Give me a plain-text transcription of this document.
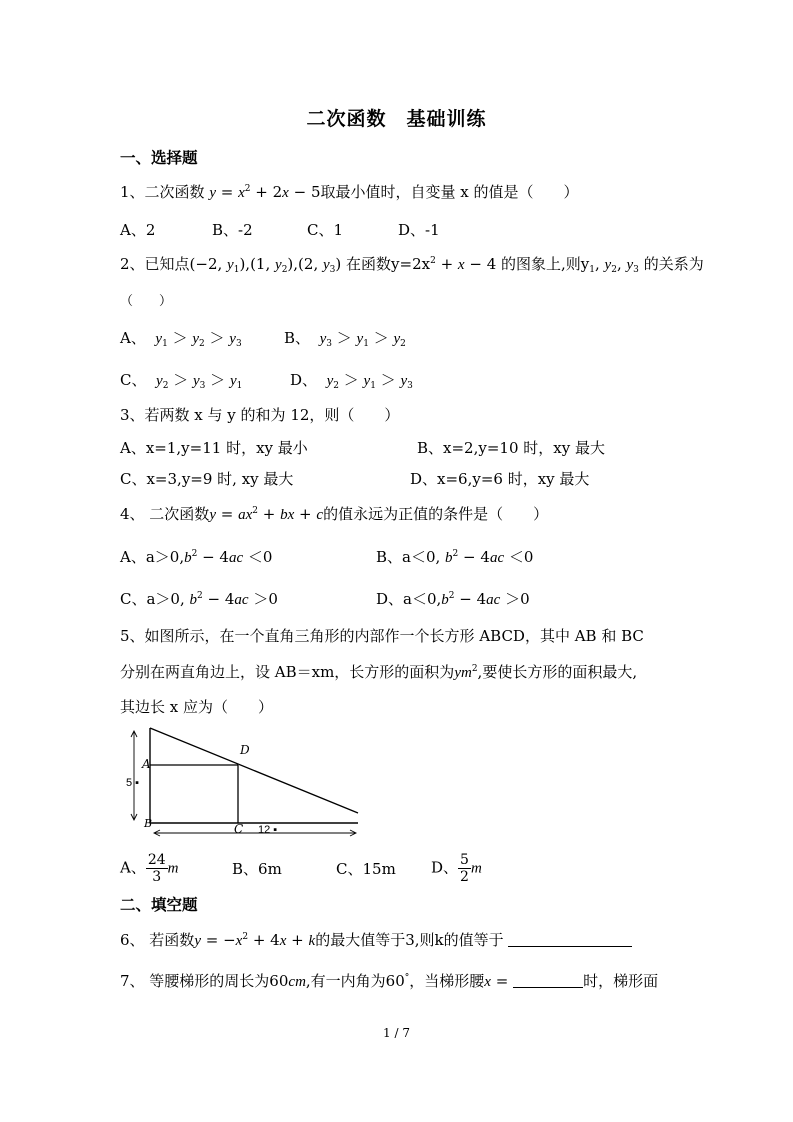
二次函数　基础训练
一、选择题
1、二次函数 $y = x^2 + 2x - 5$取最小值时，自变量 x 的值是（　　）
A、2	B、-2	C、1	D、-1
2、已知点(−2, $y_1),(1$, $y_2),(2$, $y_3$) 在函数$y=2x^2 + x - 4$ 的图象上,则$y_1$, $y_2$, $y_3$ 的关系为
（　　）
A、 $y_1 > y_2 > y_3$	B、 $y_3 > y_1 > y_2$
C、 $y_2 > y_3 > y_1$	D、 $y_2 > y_1 > y_3$
3、若两数 x 与 y 的和为 12，则（　　）
A、x=1,y=11 时，xy 最小	B、x=2,y=10 时，xy 最大
C、x=3,y=9 时, xy 最大	D、x=6,y=6 时，xy 最大
4、 二次函数$y = ax^2$ + bx + c的值永远为正值的条件是（　　）
A、$a>0,b^2 - 4ac <0$	B、a＜0, $b^2 - 4ac <0$
C、a＞0, $b^2 - 4ac >0$	D、$a<0,b^2 - 4ac >0$
5、如图所示，在一个直角三角形的内部作一个长方形 ABCD，其中 AB 和 BC
分别在两直角边上，设 AB＝xm，长方形的面积为$ym^2$,要使长方形的面积最大,
其边长 x 应为（　　）
D
A
B	C
5 ▪
12 ▪
A、 $\frac{24}{3}$ m	B、6m	C、15m D、 $\frac{5}{2}$ m
二、填空题
6、 若函数$y = -x^2 + 4x + k$的最大值等于3,则k的值等于
7、 等腰梯形的周长为60cm,有一内角为60°，当梯形腰x =	时，梯形面
1 / 7
